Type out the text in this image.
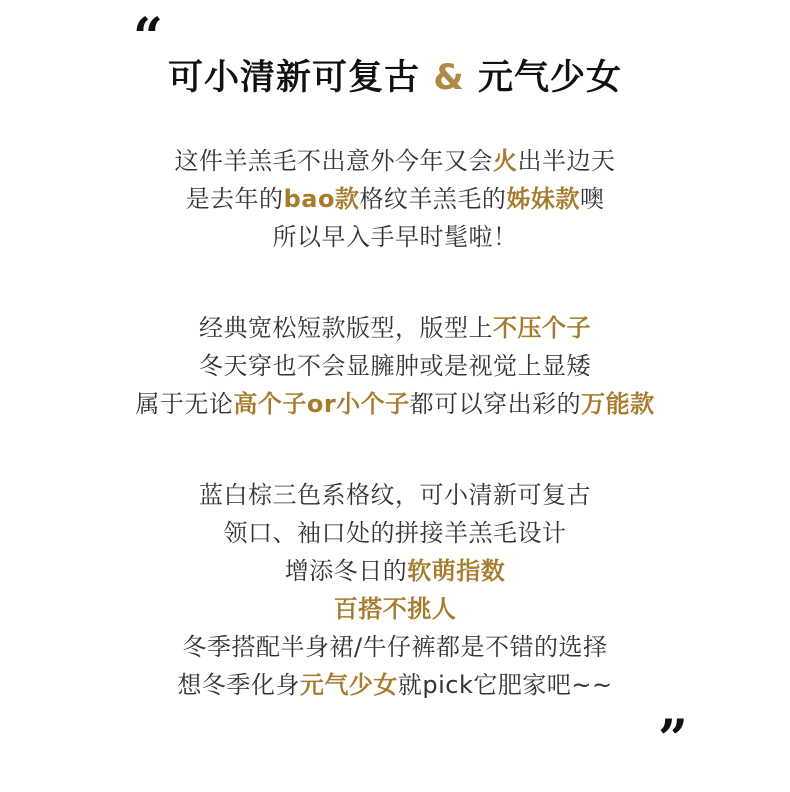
“
可小清新可复古 & 元气少女
这件羊羔毛不出意外今年又会火出半边天
是去年的bao款格纹羊羔毛的姊妹款噢
所以早入手早时髦啦！
经典宽松短款版型，版型上不压个子
冬天穿也不会显臃肿或是视觉上显矮
属于无论高个子or小个子都可以穿出彩的万能款
蓝白棕三色系格纹，可小清新可复古
领口、袖口处的拼接羊羔毛设计
增添冬日的软萌指数
百搭不挑人
冬季搭配半身裙/牛仔裤都是不错的选择
想冬季化身元气少女就pick它肥家吧~~
”
